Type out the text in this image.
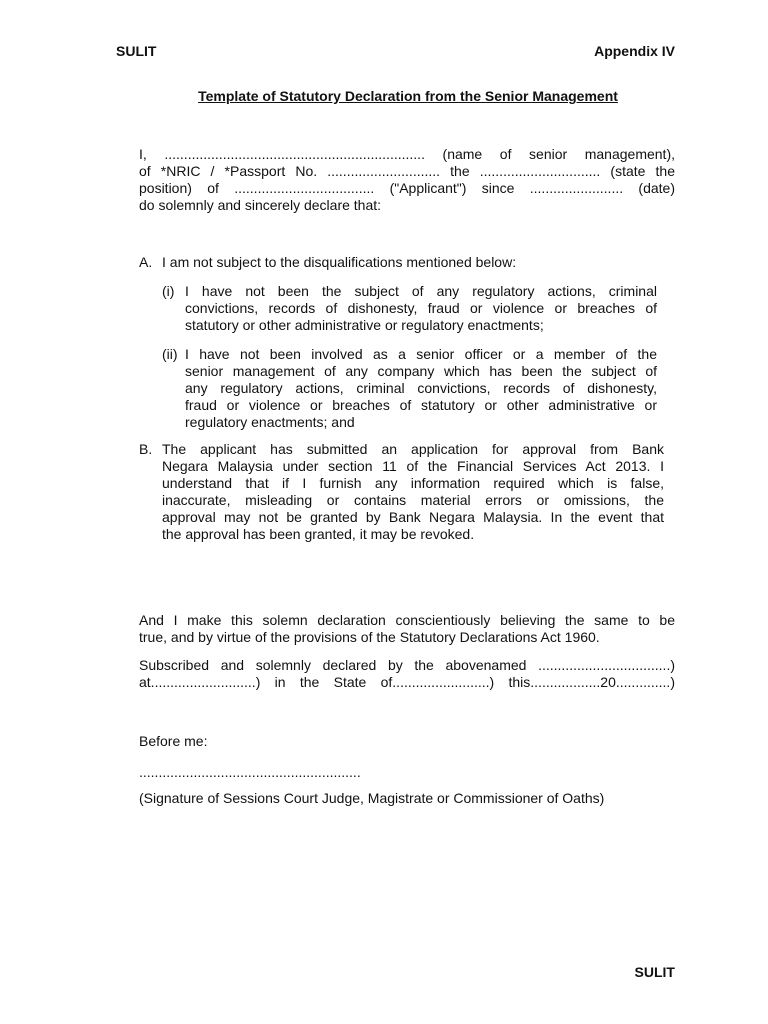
SULIT	Appendix IV
Template of Statutory Declaration from the Senior Management
I, ................................................................... (name of senior management),
of *NRIC / *Passport No. ............................. the ............................... (state the
position) of .................................... ("Applicant") since ........................ (date)
do solemnly and sincerely declare that:
A. I am not subject to the disqualifications mentioned below:
(i) I have not been the subject of any regulatory actions, criminal
convictions, records of dishonesty, fraud or violence or breaches of
statutory or other administrative or regulatory enactments;
(ii) I have not been involved as a senior officer or a member of the
senior management of any company which has been the subject of
any regulatory actions, criminal convictions, records of dishonesty,
fraud or violence or breaches of statutory or other administrative or
regulatory enactments; and
B. The applicant has submitted an application for approval from Bank
Negara Malaysia under section 11 of the Financial Services Act 2013. I
understand that if I furnish any information required which is false,
inaccurate, misleading or contains material errors or omissions, the
approval may not be granted by Bank Negara Malaysia. In the event that
the approval has been granted, it may be revoked.
And I make this solemn declaration conscientiously believing the same to be
true, and by virtue of the provisions of the Statutory Declarations Act 1960.
Subscribed and solemnly declared by the abovenamed ..................................)
at...........................) in the State of.........................) this..................20..............)
Before me:
.........................................................
(Signature of Sessions Court Judge, Magistrate or Commissioner of Oaths)
SULIT
